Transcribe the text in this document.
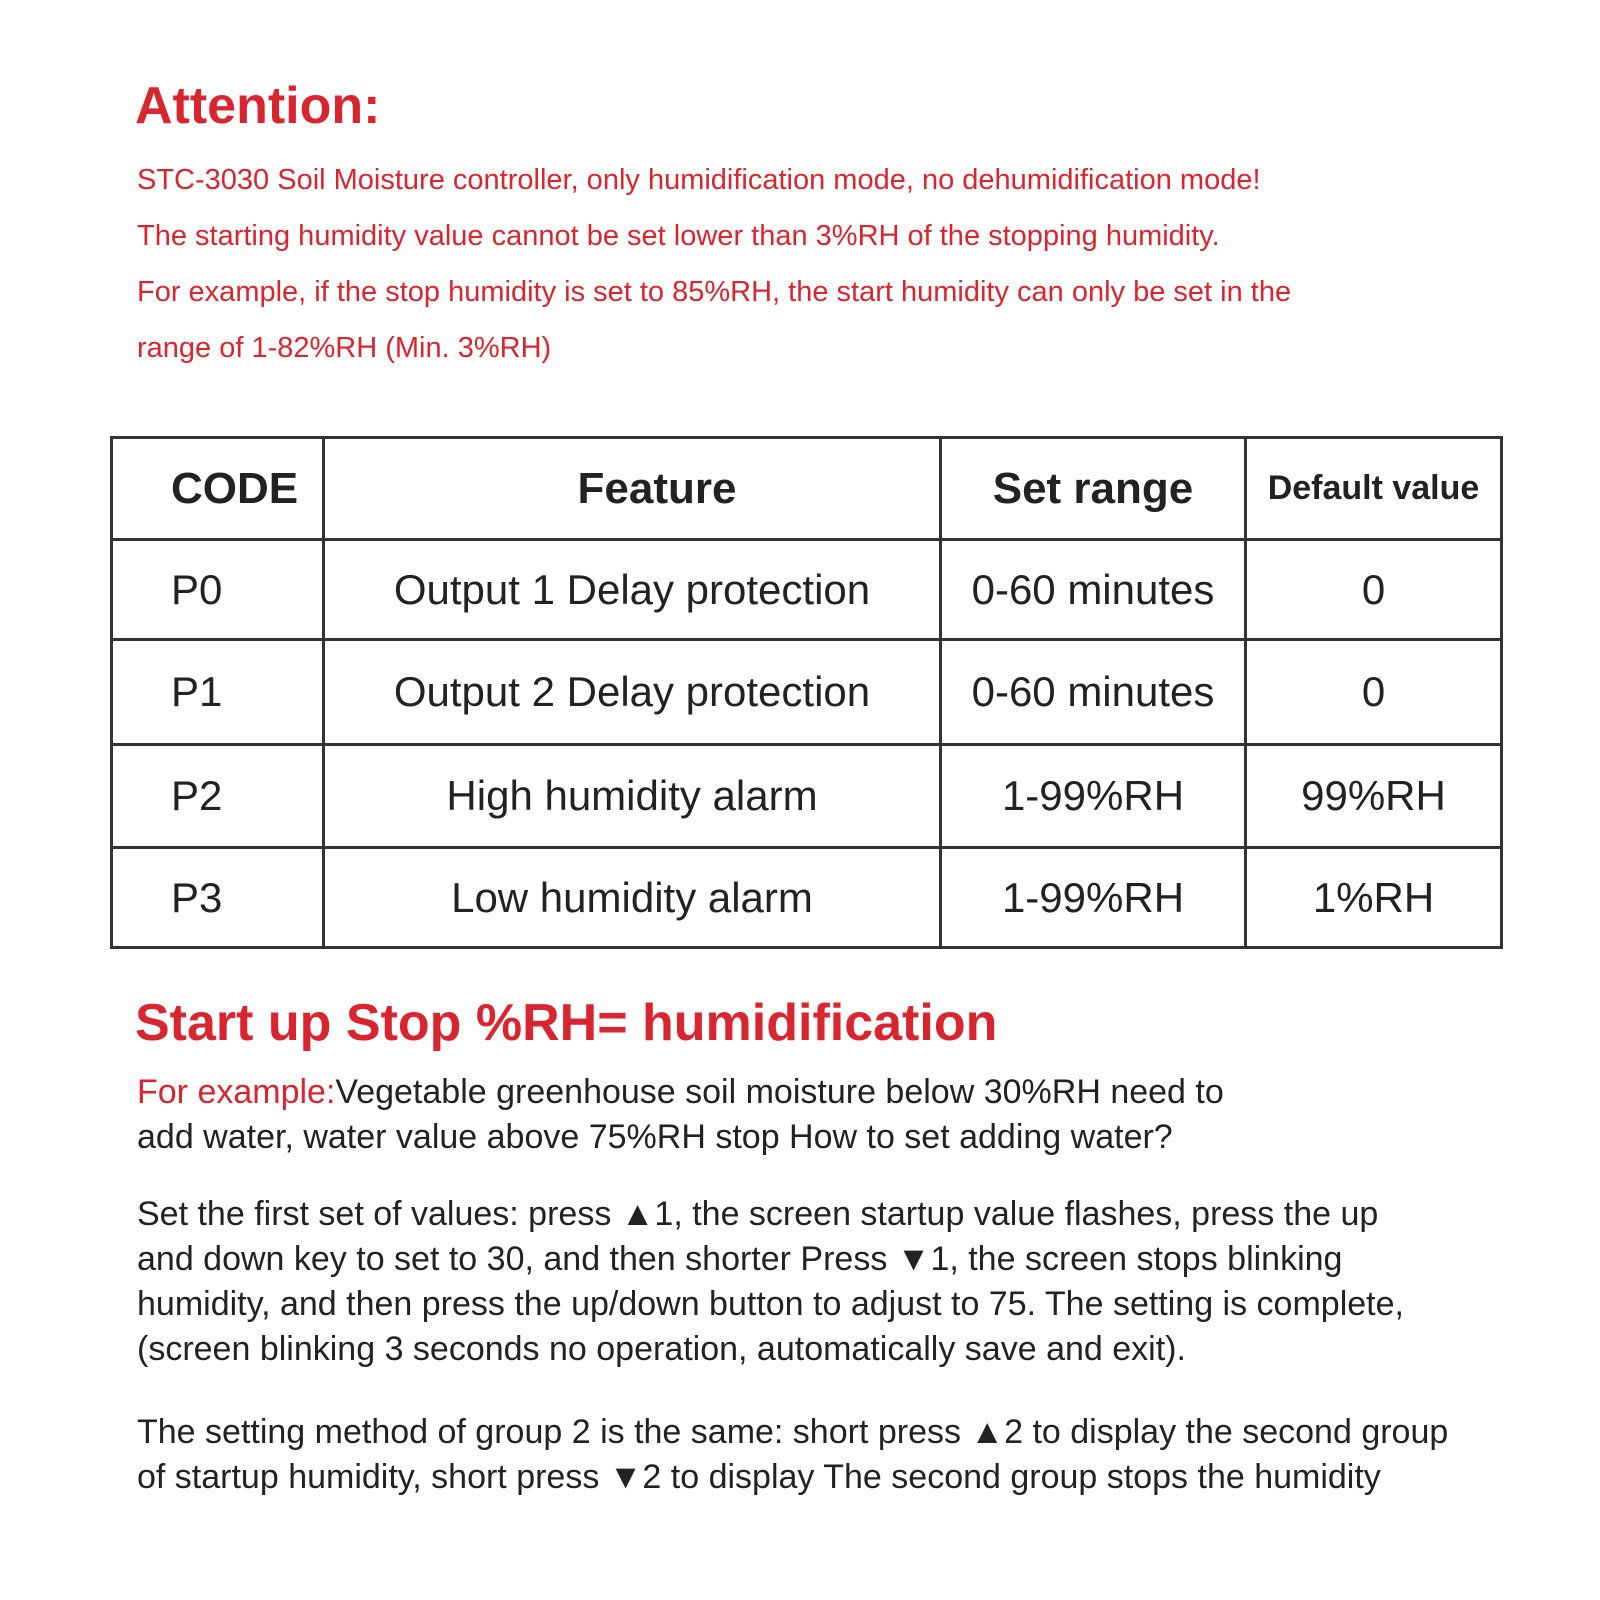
Attention:
STC-3030 Soil Moisture controller, only humidification mode, no dehumidification mode!
The starting humidity value cannot be set lower than 3%RH of the stopping humidity.
For example, if the stop humidity is set to 85%RH, the start humidity can only be set in the
range of 1-82%RH (Min. 3%RH)
CODE	Feature	Set range	Default value
P0	Output 1 Delay protection	0-60 minutes	0
P1	Output 2 Delay protection	0-60 minutes	0
P2	High humidity alarm	1-99%RH	99%RH
P3	Low humidity alarm	1-99%RH	1%RH
Start up Stop %RH= humidification
For example:Vegetable greenhouse soil moisture below 30%RH need to
add water, water value above 75%RH stop How to set adding water?
Set the first set of values: press ▲1, the screen startup value flashes, press the up
and down key to set to 30, and then shorter Press ▼1, the screen stops blinking
humidity, and then press the up/down button to adjust to 75. The setting is complete,
(screen blinking 3 seconds no operation, automatically save and exit).
The setting method of group 2 is the same: short press ▲2 to display the second group
of startup humidity, short press ▼2 to display The second group stops the humidity
